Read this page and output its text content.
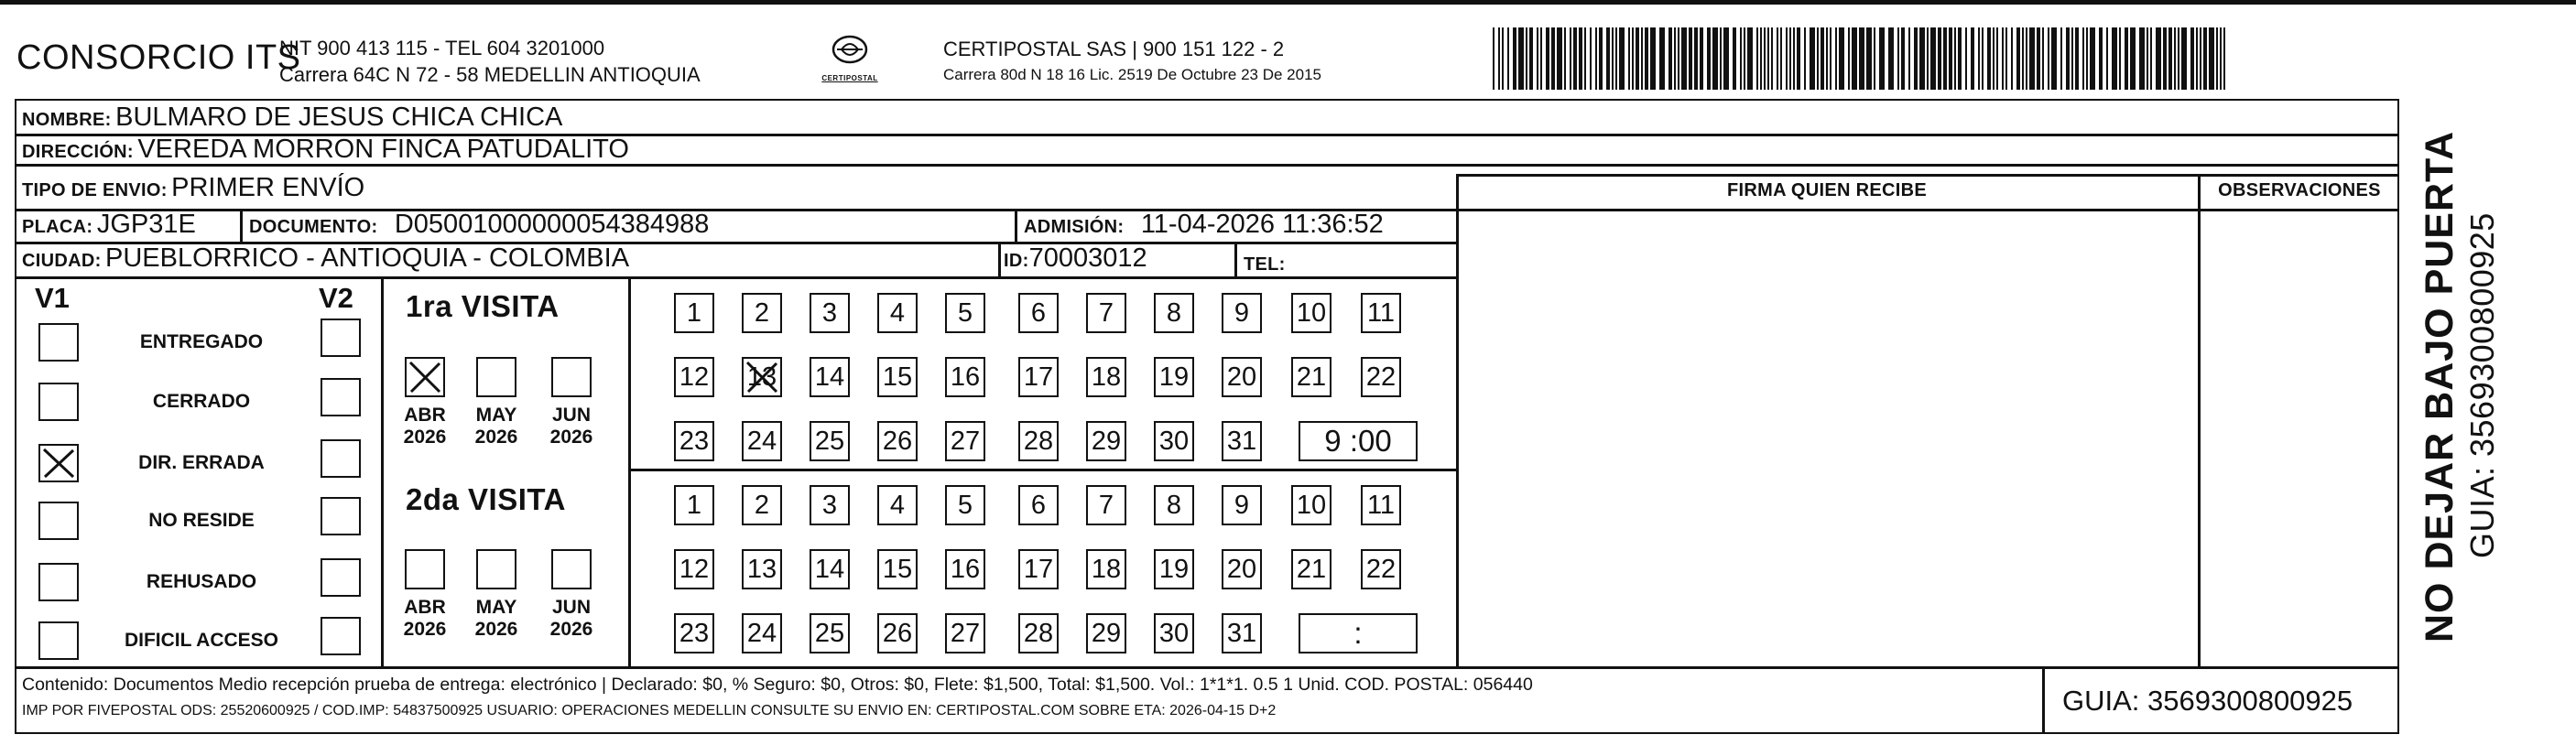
CONSORCIO ITS
NIT 900 413 115 - TEL 604 3201000
Carrera 64C N 72 - 58 MEDELLIN ANTIOQUIA	CERTIPOSTAL
CERTIPOSTAL SAS | 900 151 122 - 2
Carrera 80d N 18 16 Lic. 2519 De Octubre 23 De 2015
FIRMA QUIEN RECIBE	OBSERVACIONES
NOMBRE: BULMARO DE JESUS CHICA CHICA
DIRECCIÓN: VEREDA MORRON FINCA PATUDALITO
TIPO DE ENVIO: PRIMER ENVÍO
PLACA: JGP31E	DOCUMENTO: D05001000000054384988	ADMISIÓN: 11-04-2026 11:36:52
CIUDAD: PUEBLORRICO - ANTIOQUIA - COLOMBIA	ID:70003012	TEL:
V1	V2
ENTREGADO
CERRADO
DIR. ERRADA
NO RESIDE
REHUSADO
DIFICIL ACCESO
1ra VISITA
2da VISITA
ABR
2026
MAY
2026
JUN
2026
1 2 3 4 5 6 7 8 9 10 11
12 13 14 15 16 17 18 19 20 21 22
23 24 25 26 27 28 29 30 31 9 :00
ABR
2026
MAY
2026
JUN
2026
1 2 3 4 5 6 7 8 9 10 11
12 13 14 15 16 17 18 19 20 21 22
23 24 25 26 27 28 29 30 31	:
Contenido: Documentos Medio recepción prueba de entrega: electrónico | Declarado: $0, % Seguro: $0, Otros: $0, Flete: $1,500, Total: $1,500. Vol.: 1*1*1. 0.5 1 Unid. COD. POSTAL: 056440
IMP POR FIVEPOSTAL ODS: 25520600925 / COD.IMP: 54837500925 USUARIO: OPERACIONES MEDELLIN CONSULTE SU ENVIO EN: CERTIPOSTAL.COM SOBRE ETA: 2026-04-15 D+2	GUIA: 3569300800925
NO DEJAR BAJO PUERTA GUIA: 3569300800925
